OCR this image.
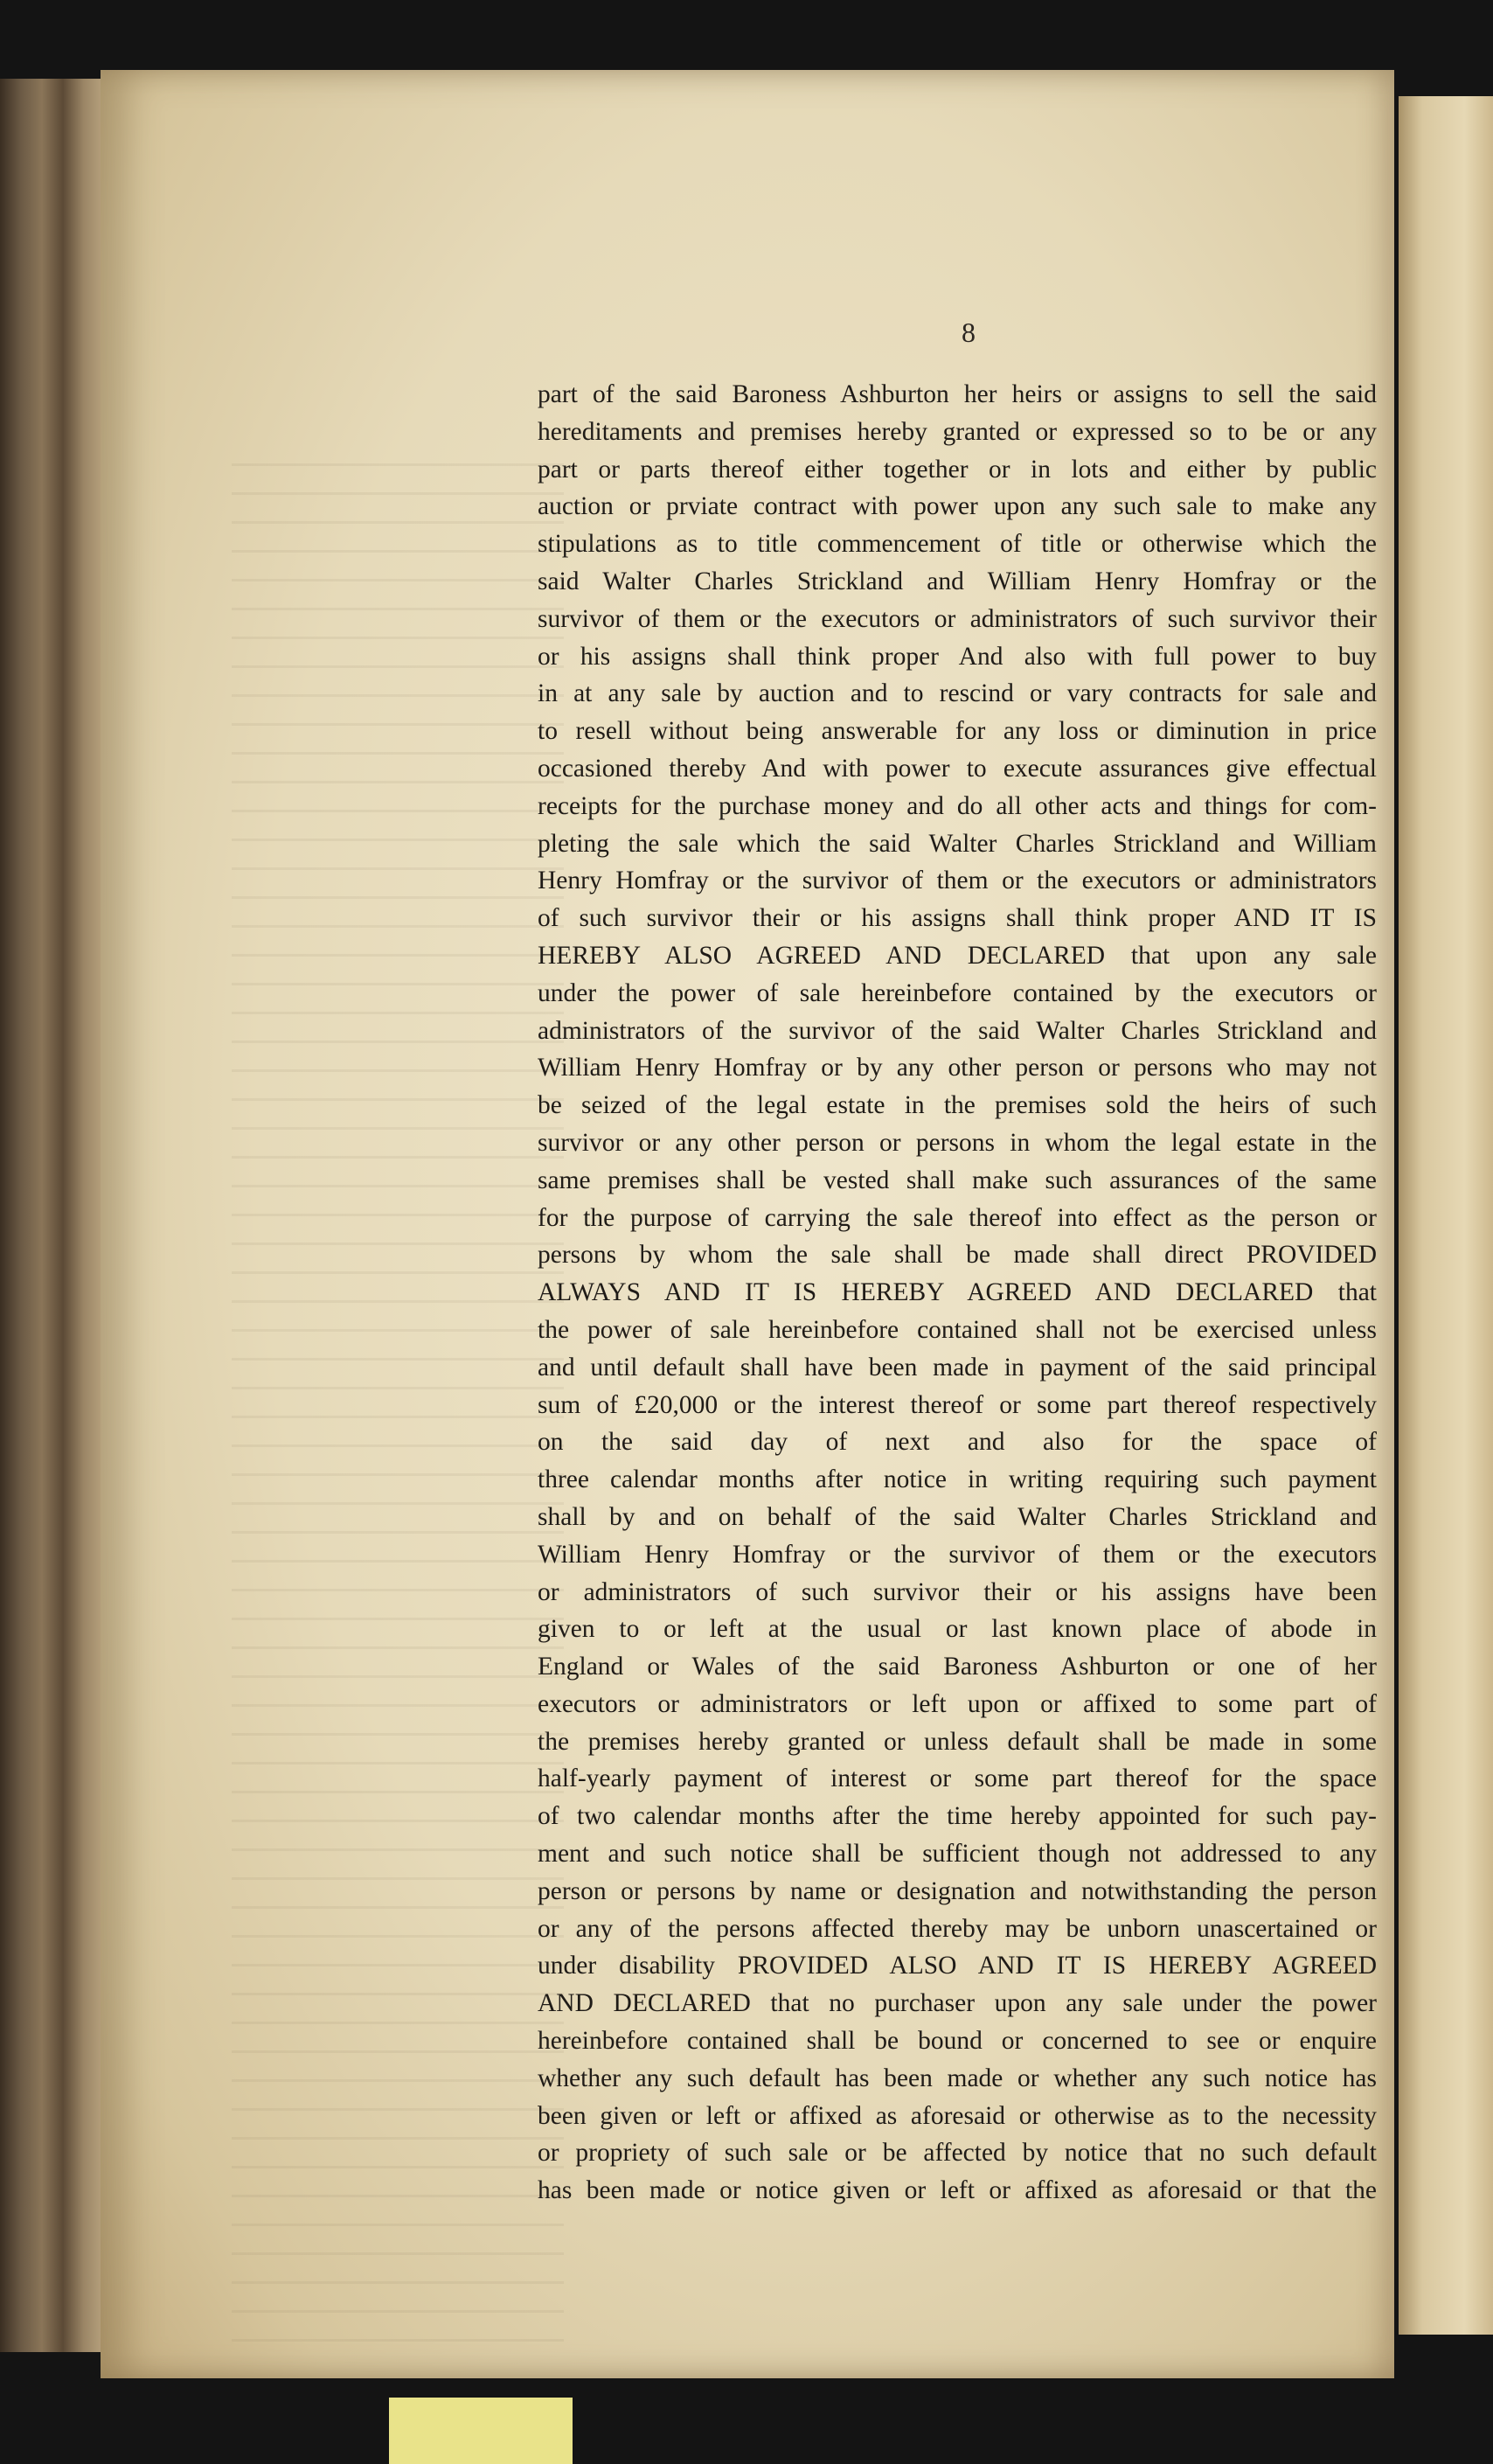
8
part of the said Baroness Ashburton her heirs or assigns to sell the said
hereditaments and premises hereby granted or expressed so to be or any
part or parts thereof either together or in lots and either by public
auction or prviate contract with power upon any such sale to make any
stipulations as to title commencement of title or otherwise which the
said Walter Charles Strickland and William Henry Homfray or the
survivor of them or the executors or administrators of such survivor their
or his assigns shall think proper And also with full power to buy
in at any sale by auction and to rescind or vary contracts for sale and
to resell without being answerable for any loss or diminution in price
occasioned thereby And with power to execute assurances give effectual
receipts for the purchase money and do all other acts and things for com-
pleting the sale which the said Walter Charles Strickland and William
Henry Homfray or the survivor of them or the executors or administrators
of such survivor their or his assigns shall think proper AND IT IS
HEREBY ALSO AGREED AND DECLARED that upon any sale
under the power of sale hereinbefore contained by the executors or
administrators of the survivor of the said Walter Charles Strickland and
William Henry Homfray or by any other person or persons who may not
be seized of the legal estate in the premises sold the heirs of such
survivor or any other person or persons in whom the legal estate in the
same premises shall be vested shall make such assurances of the same
for the purpose of carrying the sale thereof into effect as the person or
persons by whom the sale shall be made shall direct PROVIDED
ALWAYS AND IT IS HEREBY AGREED AND DECLARED that
the power of sale hereinbefore contained shall not be exercised unless
and until default shall have been made in payment of the said principal
sum of £20,000 or the interest thereof or some part thereof respectively
on the said day of next and also for the space of
three calendar months after notice in writing requiring such payment
shall by and on behalf of the said Walter Charles Strickland and
William Henry Homfray or the survivor of them or the executors
or administrators of such survivor their or his assigns have been
given to or left at the usual or last known place of abode in
England or Wales of the said Baroness Ashburton or one of her
executors or administrators or left upon or affixed to some part of
the premises hereby granted or unless default shall be made in some
half-yearly payment of interest or some part thereof for the space
of two calendar months after the time hereby appointed for such pay-
ment and such notice shall be sufficient though not addressed to any
person or persons by name or designation and notwithstanding the person
or any of the persons affected thereby may be unborn unascertained or
under disability PROVIDED ALSO AND IT IS HEREBY AGREED
AND DECLARED that no purchaser upon any sale under the power
hereinbefore contained shall be bound or concerned to see or enquire
whether any such default has been made or whether any such notice has
been given or left or affixed as aforesaid or otherwise as to the necessity
or propriety of such sale or be affected by notice that no such default
has been made or notice given or left or affixed as aforesaid or that the
